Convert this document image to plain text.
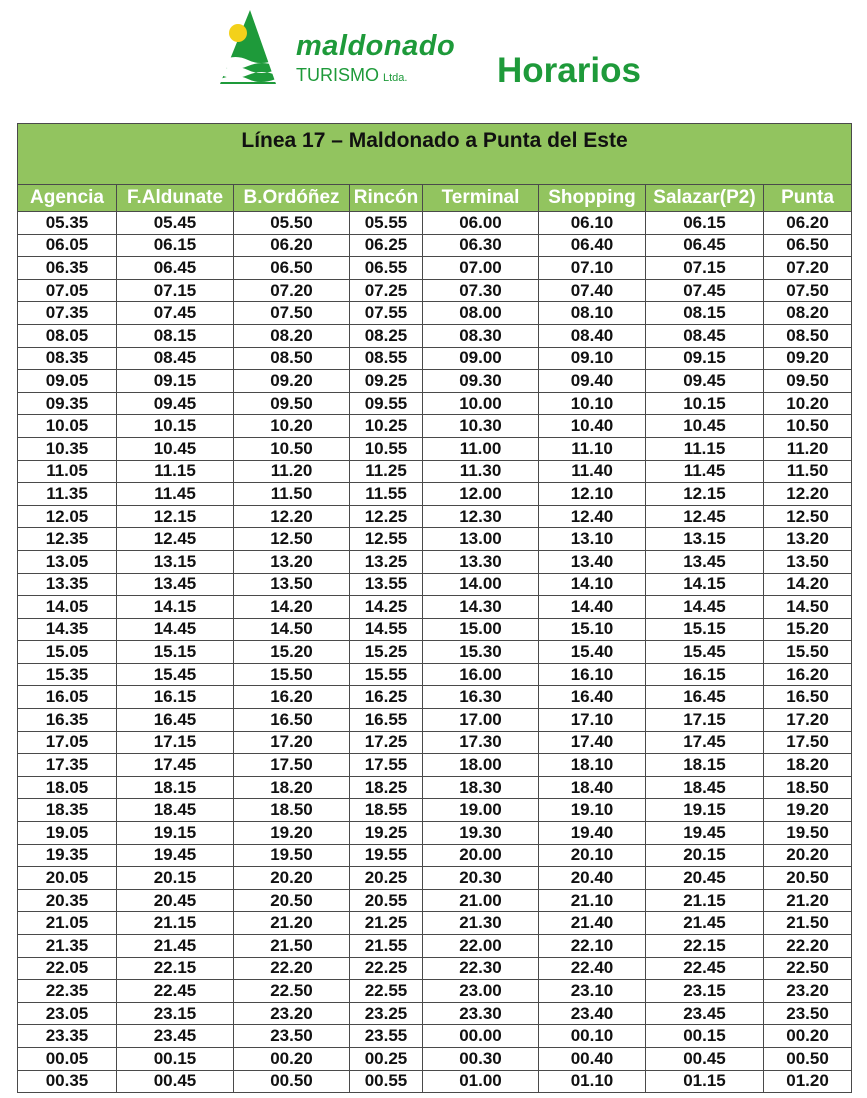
maldonado
TURISMO Ltda.	Horarios
Línea 17 – Maldonado a Punta del Este							
Agencia	F.Aldunate	B.Ordóñez	Rincón	Terminal	Shopping	Salazar(P2)	Punta
05.35	05.45	05.50	05.55	06.00	06.10	06.15	06.20
06.05	06.15	06.20	06.25	06.30	06.40	06.45	06.50
06.35	06.45	06.50	06.55	07.00	07.10	07.15	07.20
07.05	07.15	07.20	07.25	07.30	07.40	07.45	07.50
07.35	07.45	07.50	07.55	08.00	08.10	08.15	08.20
08.05	08.15	08.20	08.25	08.30	08.40	08.45	08.50
08.35	08.45	08.50	08.55	09.00	09.10	09.15	09.20
09.05	09.15	09.20	09.25	09.30	09.40	09.45	09.50
09.35	09.45	09.50	09.55	10.00	10.10	10.15	10.20
10.05	10.15	10.20	10.25	10.30	10.40	10.45	10.50
10.35	10.45	10.50	10.55	11.00	11.10	11.15	11.20
11.05	11.15	11.20	11.25	11.30	11.40	11.45	11.50
11.35	11.45	11.50	11.55	12.00	12.10	12.15	12.20
12.05	12.15	12.20	12.25	12.30	12.40	12.45	12.50
12.35	12.45	12.50	12.55	13.00	13.10	13.15	13.20
13.05	13.15	13.20	13.25	13.30	13.40	13.45	13.50
13.35	13.45	13.50	13.55	14.00	14.10	14.15	14.20
14.05	14.15	14.20	14.25	14.30	14.40	14.45	14.50
14.35	14.45	14.50	14.55	15.00	15.10	15.15	15.20
15.05	15.15	15.20	15.25	15.30	15.40	15.45	15.50
15.35	15.45	15.50	15.55	16.00	16.10	16.15	16.20
16.05	16.15	16.20	16.25	16.30	16.40	16.45	16.50
16.35	16.45	16.50	16.55	17.00	17.10	17.15	17.20
17.05	17.15	17.20	17.25	17.30	17.40	17.45	17.50
17.35	17.45	17.50	17.55	18.00	18.10	18.15	18.20
18.05	18.15	18.20	18.25	18.30	18.40	18.45	18.50
18.35	18.45	18.50	18.55	19.00	19.10	19.15	19.20
19.05	19.15	19.20	19.25	19.30	19.40	19.45	19.50
19.35	19.45	19.50	19.55	20.00	20.10	20.15	20.20
20.05	20.15	20.20	20.25	20.30	20.40	20.45	20.50
20.35	20.45	20.50	20.55	21.00	21.10	21.15	21.20
21.05	21.15	21.20	21.25	21.30	21.40	21.45	21.50
21.35	21.45	21.50	21.55	22.00	22.10	22.15	22.20
22.05	22.15	22.20	22.25	22.30	22.40	22.45	22.50
22.35	22.45	22.50	22.55	23.00	23.10	23.15	23.20
23.05	23.15	23.20	23.25	23.30	23.40	23.45	23.50
23.35	23.45	23.50	23.55	00.00	00.10	00.15	00.20
00.05	00.15	00.20	00.25	00.30	00.40	00.45	00.50
00.35	00.45	00.50	00.55	01.00	01.10	01.15	01.20
